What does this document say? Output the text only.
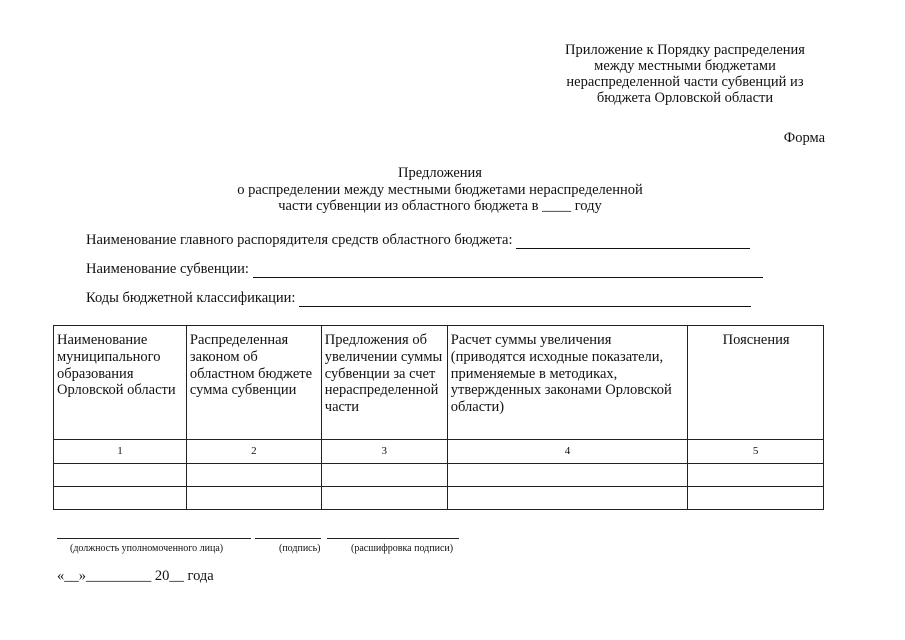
Приложение к Порядку распределения
между местными бюджетами
нераспределенной части субвенций из
бюджета Орловской области
Форма
Предложения
о распределении между местными бюджетами нераспределенной
части субвенции из областного бюджета в ____ году
Наименование главного распорядителя средств областного бюджета:
Наименование субвенции:
Коды бюджетной классификации:
Наименование муниципального образования Орловской области	Распределенная законом об областном бюджете сумма субвенции	Предложения об увеличении суммы субвенции за счет нераспределенной части	Расчет суммы увеличения (приводятся исходные показатели, применяемые в методиках, утвержденных законами Орловской области)	Пояснения
1	2	3	4	5

(должность уполномоченного лица)	(подпись)	(расшифровка подписи)
«__»_________ 20__ года
